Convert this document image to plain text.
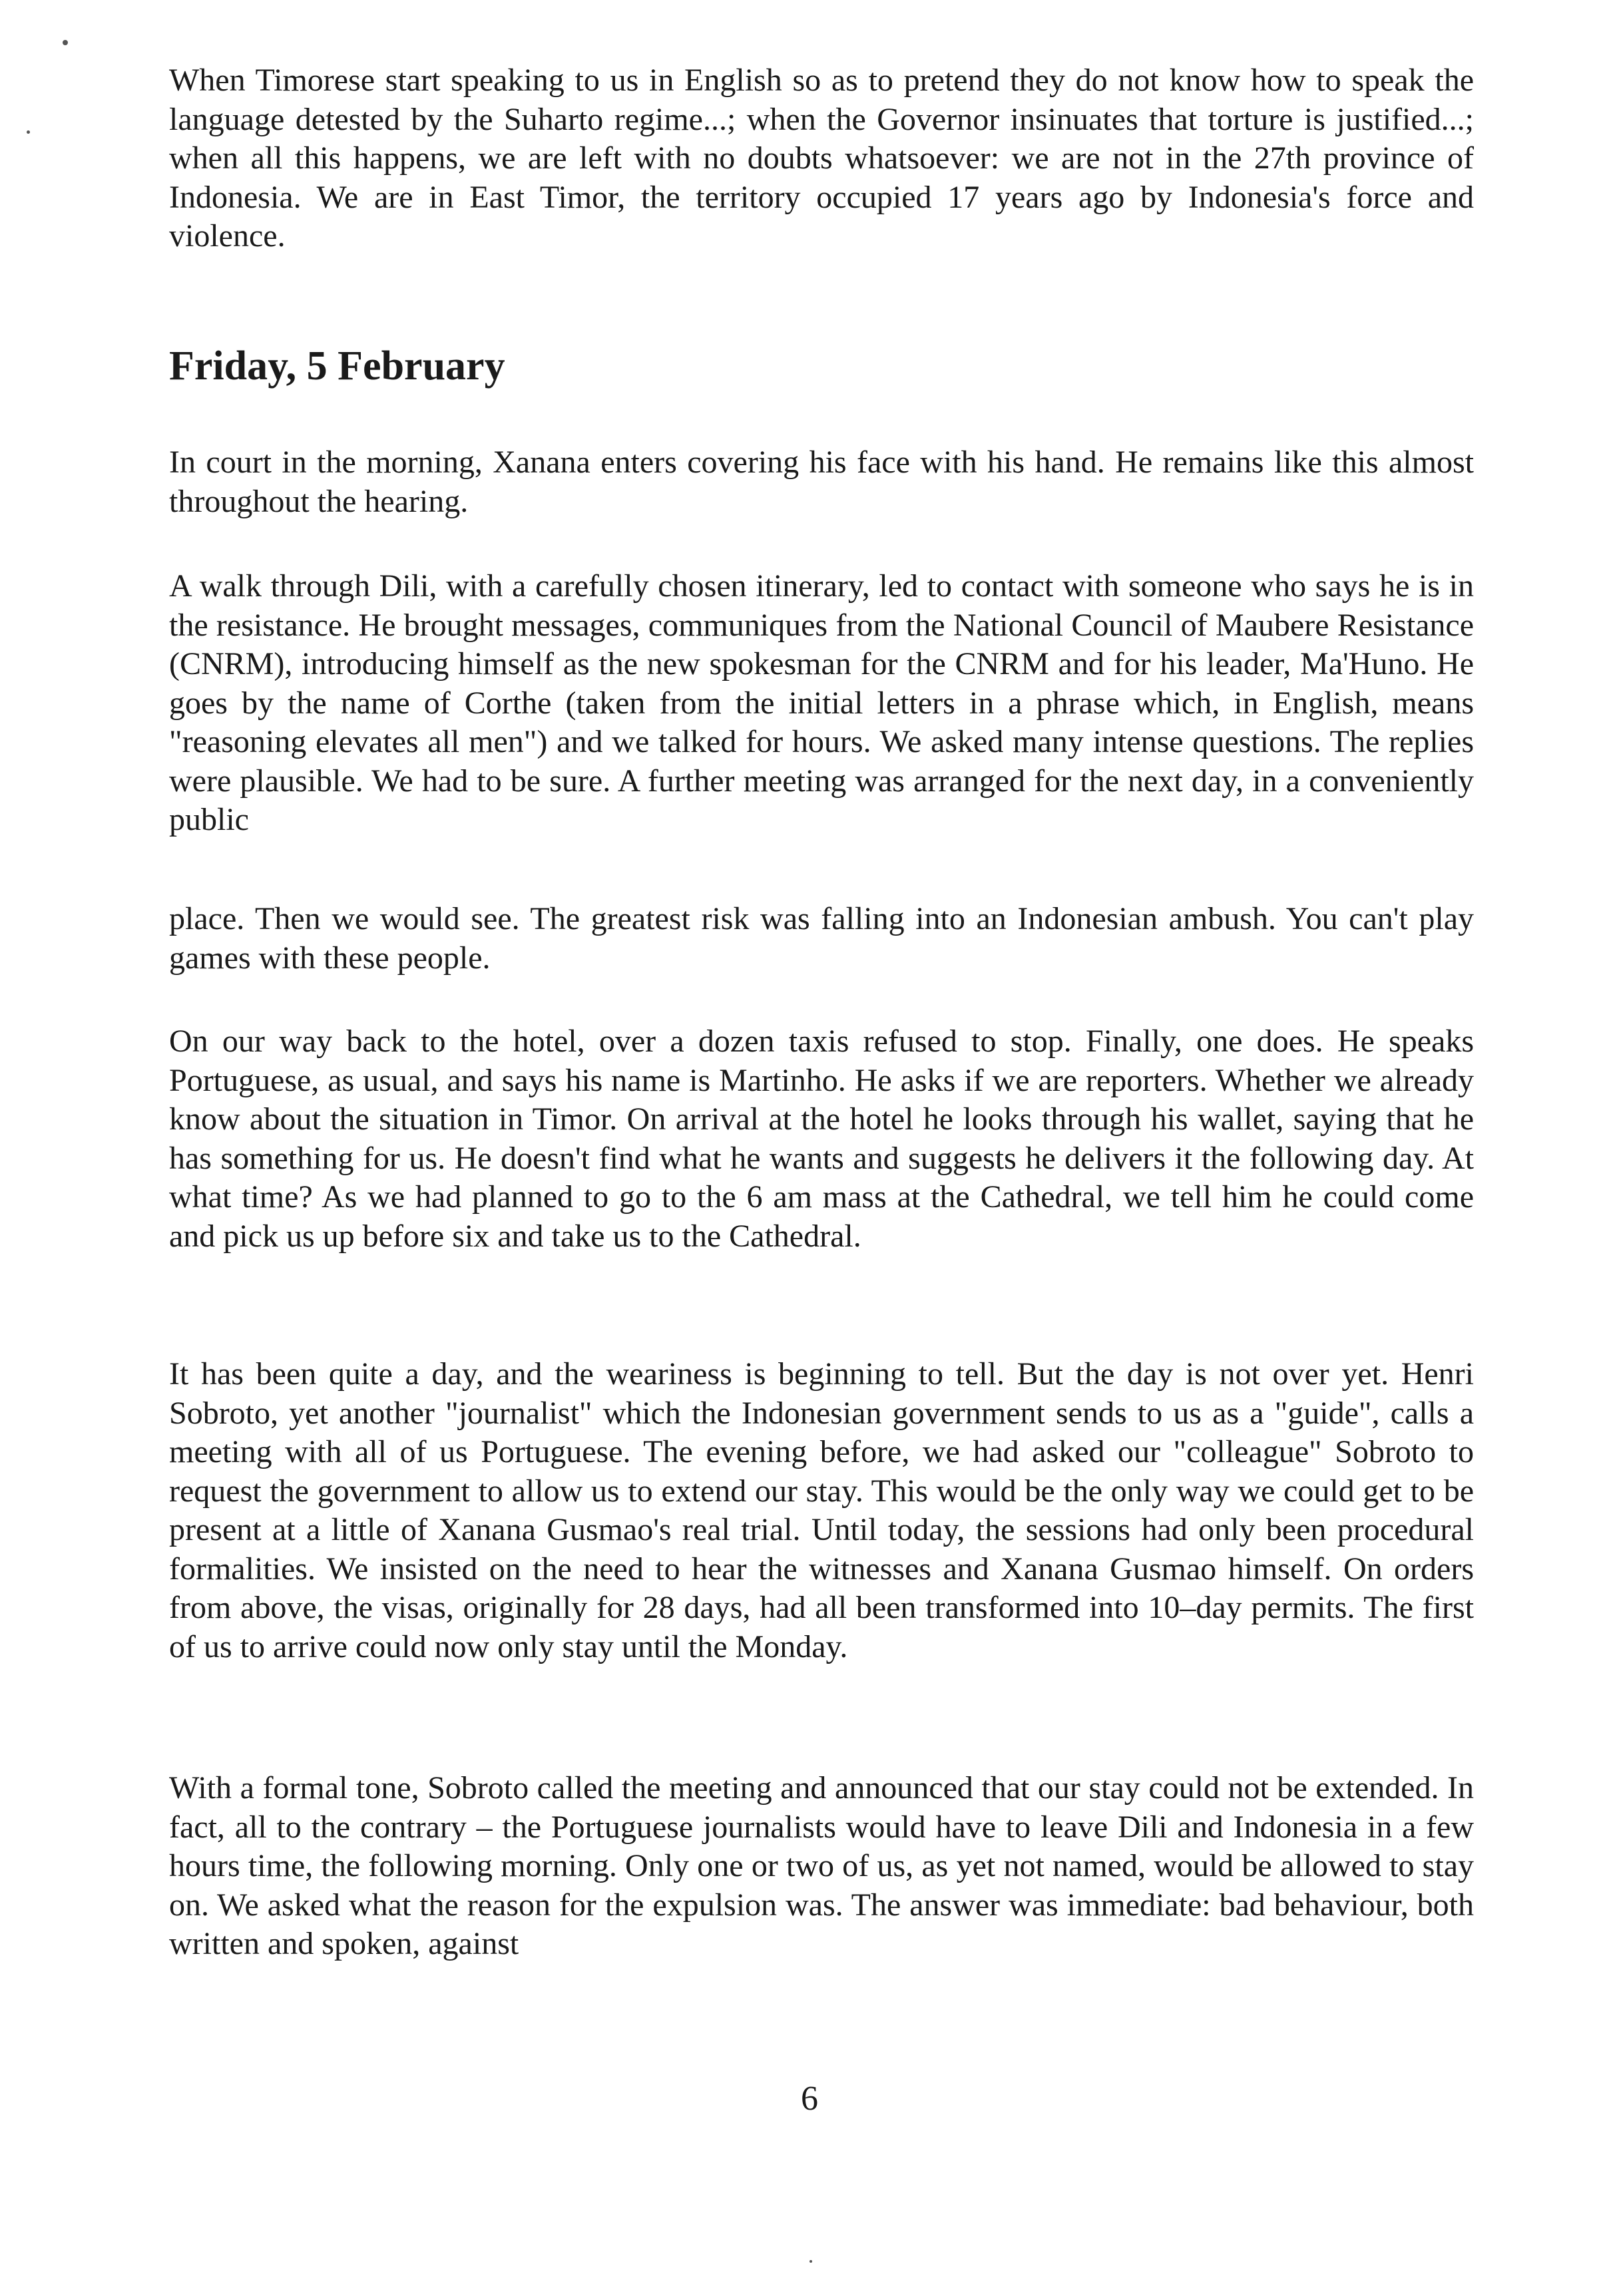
When Timorese start speaking to us in English so as to pretend they do not know how to speak the language detested by the Suharto regime...; when the Governor insinuates that torture is justified...; when all this happens, we are left with no doubts whatsoever: we are not in the 27th province of Indonesia. We are in East Timor, the territory occupied 17 years ago by Indonesia's force and violence.

Friday, 5 February

In court in the morning, Xanana enters covering his face with his hand. He remains like this almost throughout the hearing.

A walk through Dili, with a carefully chosen itinerary, led to contact with someone who says he is in the resistance. He brought messages, communiques from the National Council of Maubere Resistance (CNRM), introducing himself as the new spokesman for the CNRM and for his leader, Ma'Huno. He goes by the name of Corthe (taken from the initial letters in a phrase which, in English, means "reasoning elevates all men") and we talked for hours. We asked many intense questions. The replies were plausible. We had to be sure. A further meeting was arranged for the next day, in a conveniently public

place. Then we would see. The greatest risk was falling into an Indonesian ambush. You can't play games with these people.

On our way back to the hotel, over a dozen taxis refused to stop. Finally, one does. He speaks Portuguese, as usual, and says his name is Martinho. He asks if we are reporters. Whether we already know about the situation in Timor. On arrival at the hotel he looks through his wallet, saying that he has something for us. He doesn't find what he wants and suggests he delivers it the following day. At what time? As we had planned to go to the 6 am mass at the Cathedral, we tell him he could come and pick us up before six and take us to the Cathedral.

It has been quite a day, and the weariness is beginning to tell. But the day is not over yet. Henri Sobroto, yet another "journalist" which the Indonesian government sends to us as a "guide", calls a meeting with all of us Portuguese. The evening before, we had asked our "colleague" Sobroto to request the government to allow us to extend our stay. This would be the only way we could get to be present at a little of Xanana Gusmao's real trial. Until today, the sessions had only been procedural formalities. We insisted on the need to hear the witnesses and Xanana Gusmao himself. On orders from above, the visas, originally for 28 days, had all been transformed into 10–day permits. The first of us to arrive could now only stay until the Monday.

With a formal tone, Sobroto called the meeting and announced that our stay could not be extended. In fact, all to the contrary – the Portuguese journalists would have to leave Dili and Indonesia in a few hours time, the following morning. Only one or two of us, as yet not named, would be allowed to stay on. We asked what the reason for the expulsion was. The answer was immediate: bad behaviour, both written and spoken, against

6
